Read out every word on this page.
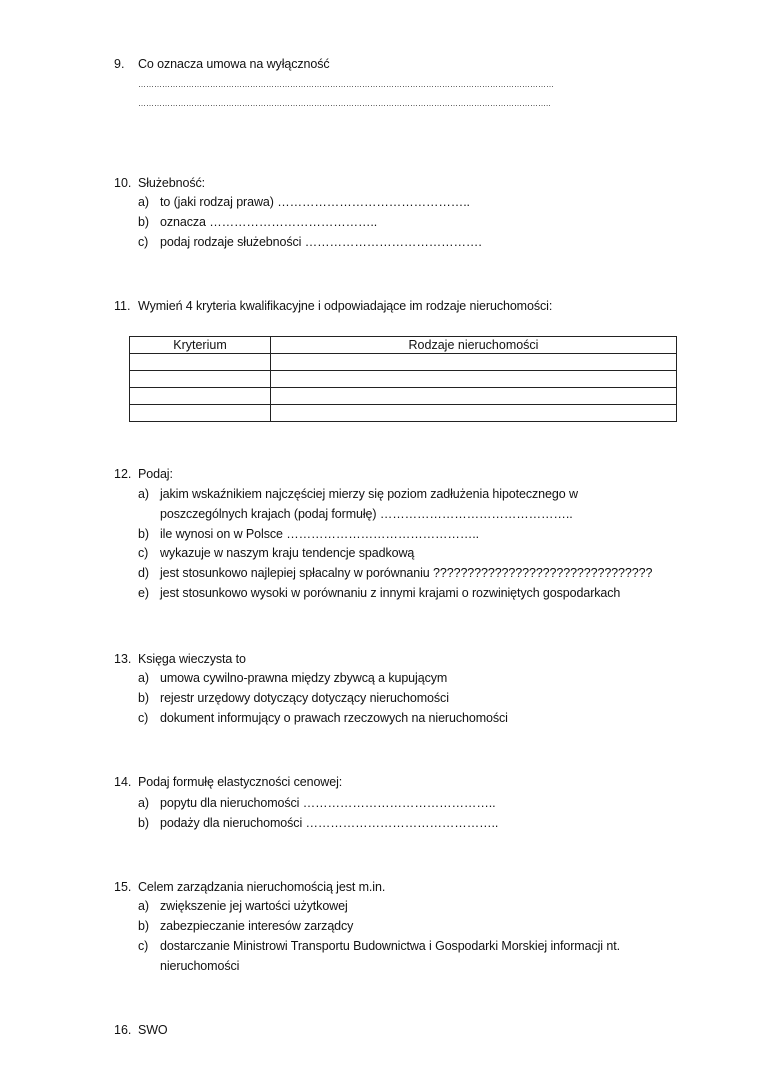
9. Co oznacza umowa na wyłączność
…………………………………………………………………………………………………………………………………………
………………………………………………………………………………………………………………………………………..
10. Służebność:
a) to (jaki rodzaj prawa) ………………………………………..
b) oznacza …………………………………..
c) podaj rodzaje służebności …………………………………….
11. Wymień 4 kryteria kwalifikacyjne i odpowiadające im rodzaje nieruchomości:
Kryterium	Rodzaje nieruchomości

12. Podaj:
a) jakim wskaźnikiem najczęściej mierzy się poziom zadłużenia hipotecznego w
poszczególnych krajach (podaj formułę) ………………………………………..
b) ile wynosi on w Polsce ………………………………………..
c) wykazuje w naszym kraju tendencje spadkową
d) jest stosunkowo najlepiej spłacalny w porównaniu ????????????????????????????????
e) jest stosunkowo wysoki w porównaniu z innymi krajami o rozwiniętych gospodarkach
13. Księga wieczysta to
a) umowa cywilno-prawna między zbywcą a kupującym
b) rejestr urzędowy dotyczący dotyczący nieruchomości
c) dokument informujący o prawach rzeczowych na nieruchomości
14. Podaj formułę elastyczności cenowej:
a) popytu dla nieruchomości ………………………………………..
b) podaży dla nieruchomości ………………………………………..
15. Celem zarządzania nieruchomością jest m.in.
a) zwiększenie jej wartości użytkowej
b) zabezpieczanie interesów zarządcy
c) dostarczanie Ministrowi Transportu Budownictwa i Gospodarki Morskiej informacji nt.
nieruchomości
16. SWO
